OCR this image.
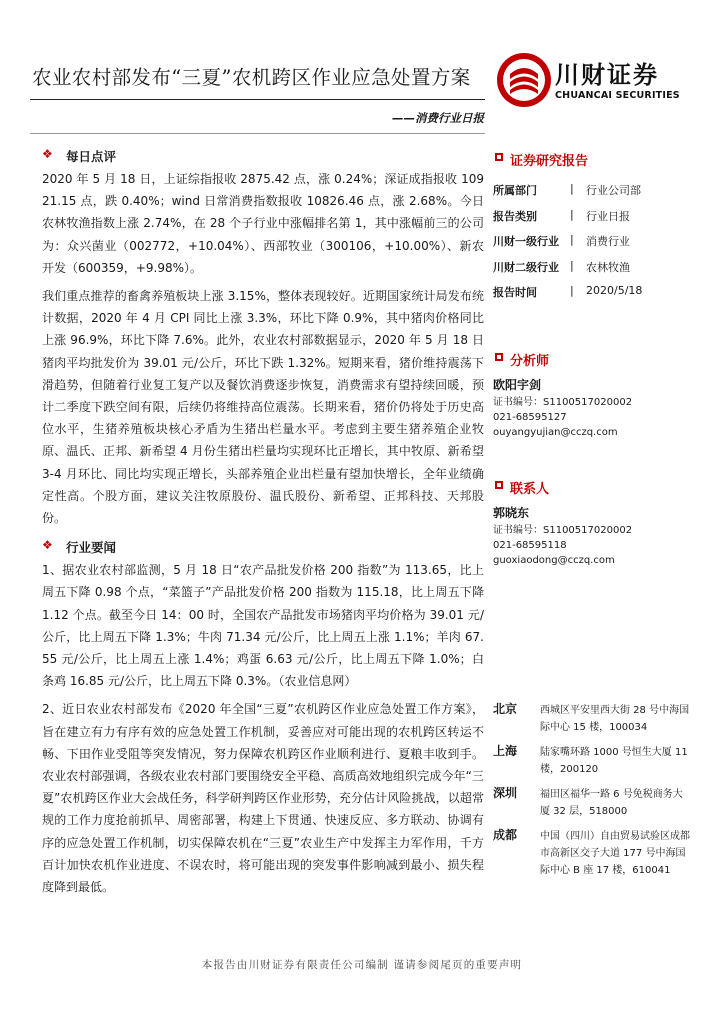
农业农村部发布“三夏”农机跨区作业应急处置方案
——消费行业日报
川财证券
CHUANCAI SECURITIES
❖ 每日点评

2020 年 5 月 18 日，上证综指报收 2875.42 点，涨 0.24%；深证成指报收 10921.15 点，跌 0.40%；wind 日常消费指数报收 10826.46 点，涨 2.68%。今日农林牧渔指数上涨 2.74%，在 28 个子行业中涨幅排名第 1，其中涨幅前三的公司为：众兴菌业（002772，+10.04%）、西部牧业（300106，+10.00%）、新农开发（600359，+9.98%）。

我们重点推荐的畜禽养殖板块上涨 3.15%，整体表现较好。近期国家统计局发布统计数据，2020 年 4 月 CPI 同比上涨 3.3%，环比下降 0.9%，其中猪肉价格同比上涨 96.9%，环比下降 7.6%。此外，农业农村部数据显示，2020 年 5 月 18 日猪肉平均批发价为 39.01 元/公斤，环比下跌 1.32%。短期来看，猪价维持震荡下滑趋势，但随着行业复工复产以及餐饮消费逐步恢复，消费需求有望持续回暖，预计二季度下跌空间有限，后续仍将维持高位震荡。长期来看，猪价仍将处于历史高位水平，生猪养殖板块核心矛盾为生猪出栏量水平。考虑到主要生猪养殖企业牧原、温氏、正邦、新希望 4 月份生猪出栏量均实现环比正增长，其中牧原、新希望 3-4 月环比、同比均实现正增长，头部养殖企业出栏量有望加快增长，全年业绩确定性高。个股方面，建议关注牧原股份、温氏股份、新希望、正邦科技、天邦股份。

❖ 行业要闻

1、据农业农村部监测，5 月 18 日“农产品批发价格 200 指数”为 113.65，比上周五下降 0.98 个点，“菜篮子”产品批发价格 200 指数为 115.18，比上周五下降 1.12 个点。截至今日 14：00 时，全国农产品批发市场猪肉平均价格为 39.01 元/公斤，比上周五下降 1.3%；牛肉 71.34 元/公斤，比上周五上涨 1.1%；羊肉 67.55 元/公斤，比上周五上涨 1.4%；鸡蛋 6.63 元/公斤，比上周五下降 1.0%；白条鸡 16.85 元/公斤，比上周五下降 0.3%。（农业信息网）

2、近日农业农村部发布《2020 年全国“三夏”农机跨区作业应急处置工作方案》，旨在建立有力有序有效的应急处置工作机制，妥善应对可能出现的农机跨区转运不畅、下田作业受阻等突发情况，努力保障农机跨区作业顺利进行、夏粮丰收到手。农业农村部强调，各级农业农村部门要围绕安全平稳、高质高效地组织完成今年“三夏”农机跨区作业大会战任务，科学研判跨区作业形势，充分估计风险挑战，以超常规的工作力度抢前抓早、周密部署，构建上下贯通、快速反应、多方联动、协调有序的应急处置工作机制，切实保障农机在“三夏”农业生产中发挥主力军作用，千方百计加快农机作业进度、不误农时，将可能出现的突发事件影响减到最小、损失程度降到最低。

证券研究报告
所属部门	| 行业公司部
报告类别	| 行业日报
川财一级行业 | 消费行业
川财二级行业 | 农林牧渔
报告时间	| 2020/5/18
分析师
欧阳宇剑
证书编号：S1100517020002
021-68595127
ouyangyujian@cczq.com
联系人
郭晓东
证书编号：S1100517020002
021-68595118
guoxiaodong@cczq.com
北京 西城区平安里西大街 28 号中海国际中心 15 楼，100034
上海 陆家嘴环路 1000 号恒生大厦 11 楼，200120
深圳 福田区福华一路 6 号免税商务大厦 32 层，518000
成都 中国（四川）自由贸易试验区成都市高新区交子大道 177 号中海国际中心 B 座 17 楼，610041
本报告由川财证券有限责任公司编制 谨请参阅尾页的重要声明
